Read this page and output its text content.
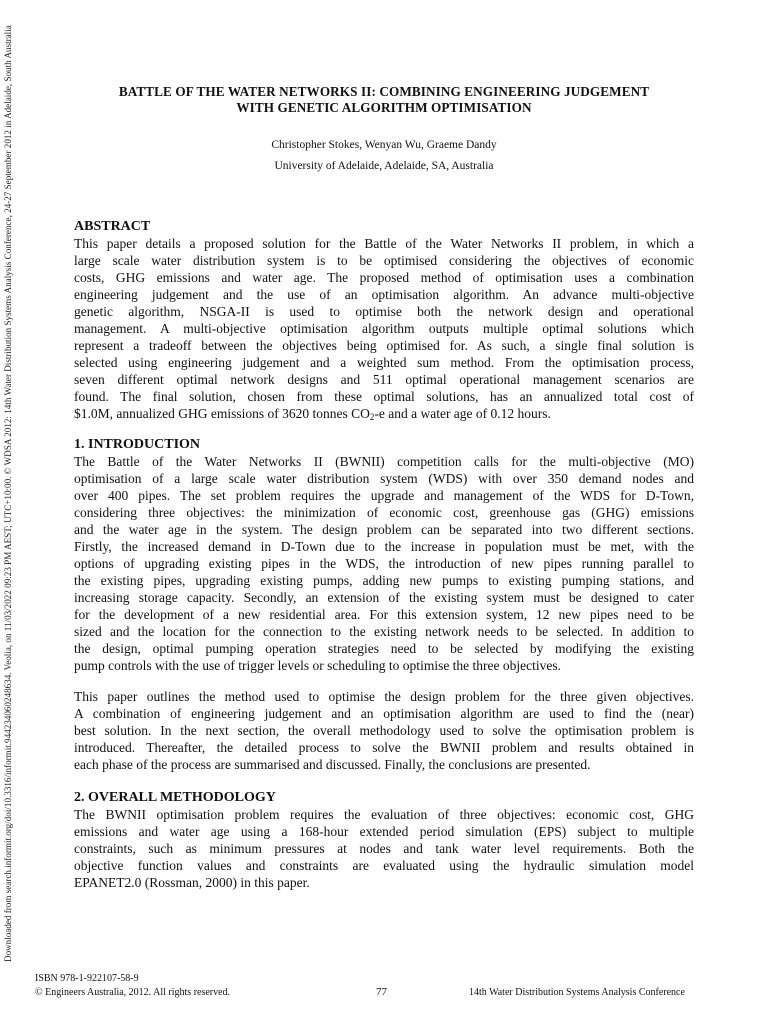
Downloaded from search.informit.org/doi/10.3316/informit.944234060248634. Veolia, on 11/03/2022 09:23 PM AEST; UTC+10:00. © WDSA 2012: 14th Water Distribution Systems Analysis Conference, 24-27 September 2012 in Adelaide, South Australia	BATTLE OF THE WATER NETWORKS II: COMBINING ENGINEERING JUDGEMENT
WITH GENETIC ALGORITHM OPTIMISATION
Christopher Stokes, Wenyan Wu, Graeme Dandy
University of Adelaide, Adelaide, SA, Australia
ABSTRACT
This paper details a proposed solution for the Battle of the Water Networks II problem, in which a
large scale water distribution system is to be optimised considering the objectives of economic
costs, GHG emissions and water age. The proposed method of optimisation uses a combination
engineering judgement and the use of an optimisation algorithm. An advance multi-objective
genetic algorithm, NSGA-II is used to optimise both the network design and operational
management. A multi-objective optimisation algorithm outputs multiple optimal solutions which
represent a tradeoff between the objectives being optimised for. As such, a single final solution is
selected using engineering judgement and a weighted sum method. From the optimisation process,
seven different optimal network designs and 511 optimal operational management scenarios are
found. The final solution, chosen from these optimal solutions, has an annualized total cost of
$1.0M, annualized GHG emissions of 3620 tonnes $CO_2-e$ and a water age of 0.12 hours.
1. INTRODUCTION
The Battle of the Water Networks II (BWNII) competition calls for the multi-objective (MO)
optimisation of a large scale water distribution system (WDS) with over 350 demand nodes and
over 400 pipes. The set problem requires the upgrade and management of the WDS for D-Town,
considering three objectives: the minimization of economic cost, greenhouse gas (GHG) emissions
and the water age in the system. The design problem can be separated into two different sections.
Firstly, the increased demand in D-Town due to the increase in population must be met, with the
options of upgrading existing pipes in the WDS, the introduction of new pipes running parallel to
the existing pipes, upgrading existing pumps, adding new pumps to existing pumping stations, and
increasing storage capacity. Secondly, an extension of the existing system must be designed to cater
for the development of a new residential area. For this extension system, 12 new pipes need to be
sized and the location for the connection to the existing network needs to be selected. In addition to
the design, optimal pumping operation strategies need to be selected by modifying the existing
pump controls with the use of trigger levels or scheduling to optimise the three objectives.
This paper outlines the method used to optimise the design problem for the three given objectives.
A combination of engineering judgement and an optimisation algorithm are used to find the (near)
best solution. In the next section, the overall methodology used to solve the optimisation problem is
introduced. Thereafter, the detailed process to solve the BWNII problem and results obtained in
each phase of the process are summarised and discussed. Finally, the conclusions are presented.
2. OVERALL METHODOLOGY
The BWNII optimisation problem requires the evaluation of three objectives: economic cost, GHG
emissions and water age using a 168-hour extended period simulation (EPS) subject to multiple
constraints, such as minimum pressures at nodes and tank water level requirements. Both the
objective function values and constraints are evaluated using the hydraulic simulation model
EPANET2.0 (Rossman, 2000) in this paper.
ISBN 978-1-922107-58-9
© Engineers Australia, 2012. All rights reserved.	77	14th Water Distribution Systems Analysis Conference
